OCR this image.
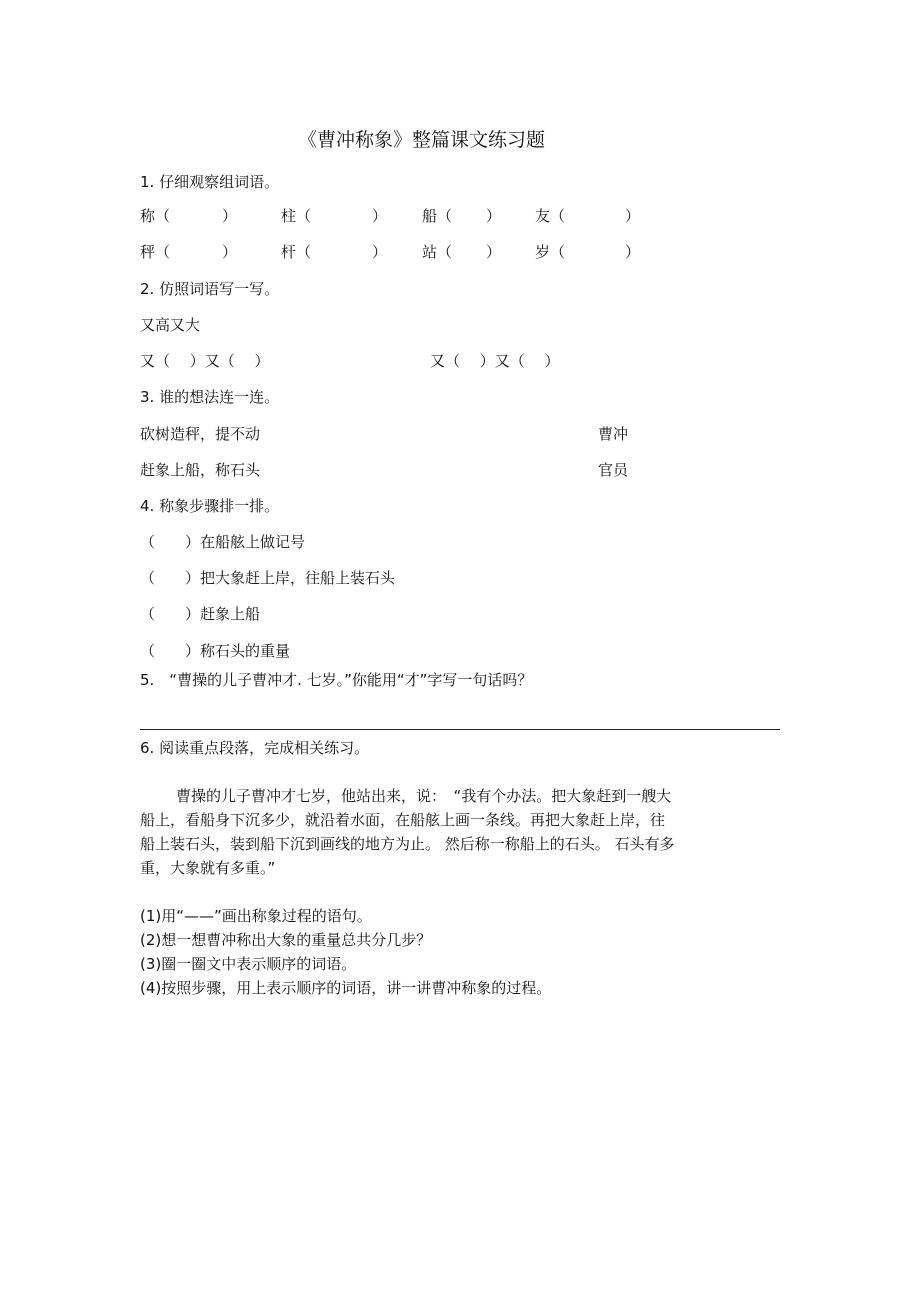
《曹冲称象》整篇课文练习题
1. 仔细观察组词语。
称（	）	柱（	） 船（ ） 友（	）
秤（	）	杆（	） 站（ ） 岁（	）
2. 仿照词语写一写。
又高又大
又（　 ）又（　 ）	又（　 ）又（　 ）
3. 谁的想法连一连。
砍树造秤，提不动	曹冲
赶象上船，称石头	官员
4. 称象步骤排一排。
（　　）在船舷上做记号
（　　）把大象赶上岸，往船上装石头
（　　）赶象上船
（　　）称石头的重量
5.　“曹操的儿子曹冲才. 七岁。”你能用“才”字写一句话吗？
6. 阅读重点段落，完成相关练习。
曹操的儿子曹冲才七岁，他站出来，说：　“我有个办法。把大象赶到一艘大
船上，看船身下沉多少，就沿着水面，在船舷上画一条线。再把大象赶上岸，往
船上装石头，装到船下沉到画线的地方为止。 然后称一称船上的石头。 石头有多
重，大象就有多重。”
(1)用“——”画出称象过程的语句。
(2)想一想曹冲称出大象的重量总共分几步？
(3)圈一圈文中表示顺序的词语。
(4)按照步骤，用上表示顺序的词语，讲一讲曹冲称象的过程。
